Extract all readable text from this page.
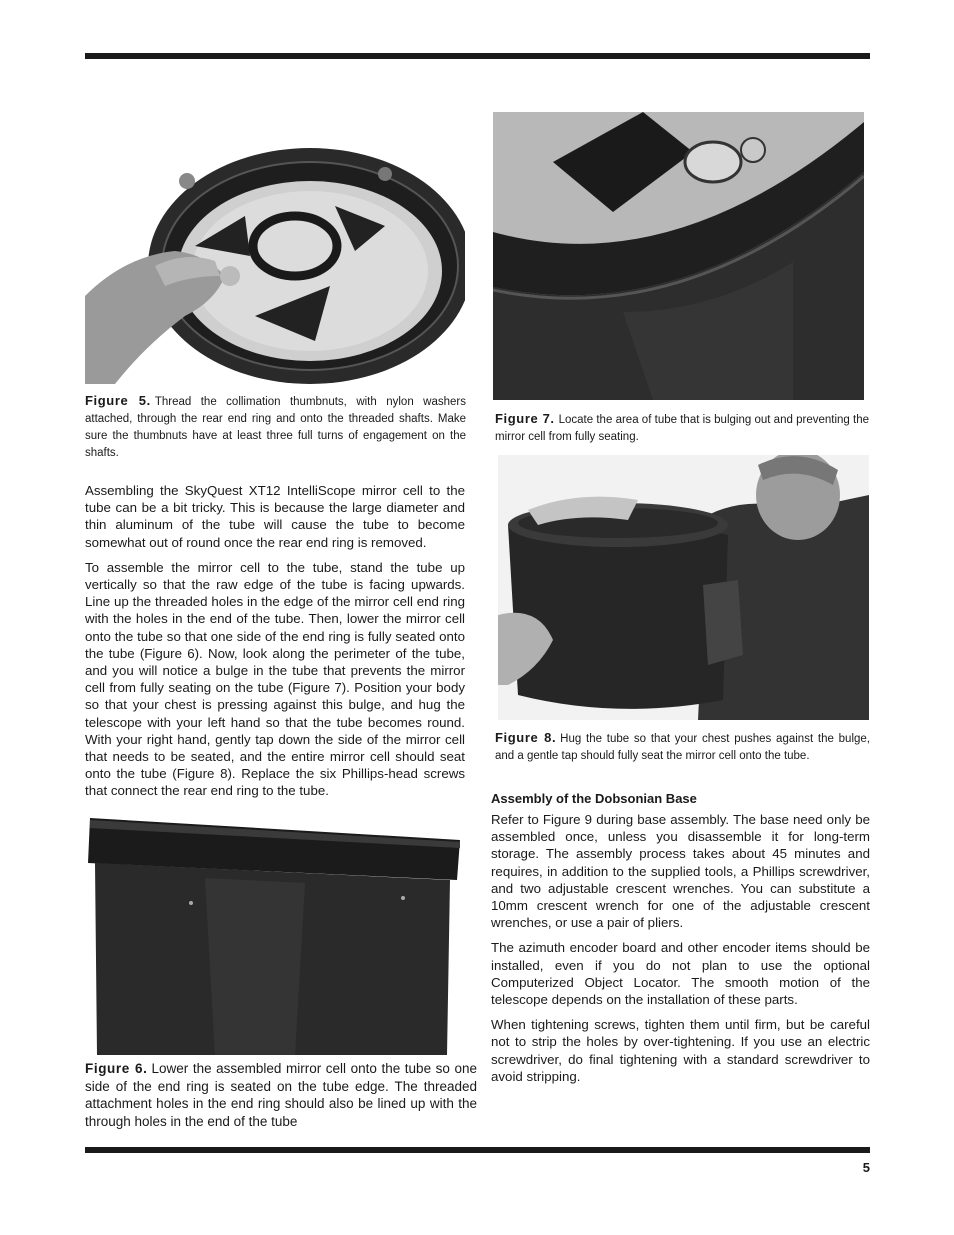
Figure 5. Thread the collimation thumbnuts, with nylon washers attached, through the rear end ring and onto the threaded shafts. Make sure the thumbnuts have at least three full turns of engagement on the shafts.

Assembling the SkyQuest XT12 IntelliScope mirror cell to the tube can be a bit tricky. This is because the large diameter and thin aluminum of the tube will cause the tube to become somewhat out of round once the rear end ring is removed.

To assemble the mirror cell to the tube, stand the tube up vertically so that the raw edge of the tube is facing upwards. Line up the threaded holes in the edge of the mirror cell end ring with the holes in the end of the tube. Then, lower the mirror cell onto the tube so that one side of the end ring is fully seated onto the tube (Figure 6). Now, look along the perimeter of the tube, and you will notice a bulge in the tube that prevents the mirror cell from fully seating on the tube (Figure 7). Position your body so that your chest is pressing against this bulge, and hug the telescope with your left hand so that the tube becomes round. With your right hand, gently tap down the side of the mirror cell that needs to be seated, and the entire mirror cell should seat onto the tube (Figure 8). Replace the six Phillips-head screws that connect the rear end ring to the tube.

Figure 6. Lower the assembled mirror cell onto the tube so one side of the end ring is seated on the tube edge. The threaded attachment holes in the end ring should also be lined up with the through holes in the end of the tube
Figure 7. Locate the area of tube that is bulging out and preventing the mirror cell from fully seating.
Figure 8. Hug the tube so that your chest pushes against the bulge, and a gentle tap should fully seat the mirror cell onto the tube.
Assembly of the Dobsonian Base

Refer to Figure 9 during base assembly. The base need only be assembled once, unless you disassemble it for long-term storage. The assembly process takes about 45 minutes and requires, in addition to the supplied tools, a Phillips screwdriver, and two adjustable crescent wrenches. You can substitute a 10mm crescent wrench for one of the adjustable crescent wrenches, or use a pair of pliers.

The azimuth encoder board and other encoder items should be installed, even if you do not plan to use the optional Computerized Object Locator. The smooth motion of the telescope depends on the installation of these parts.

When tightening screws, tighten them until firm, but be careful not to strip the holes by over-tightening. If you use an electric screwdriver, do final tightening with a standard screwdriver to avoid stripping.

5
